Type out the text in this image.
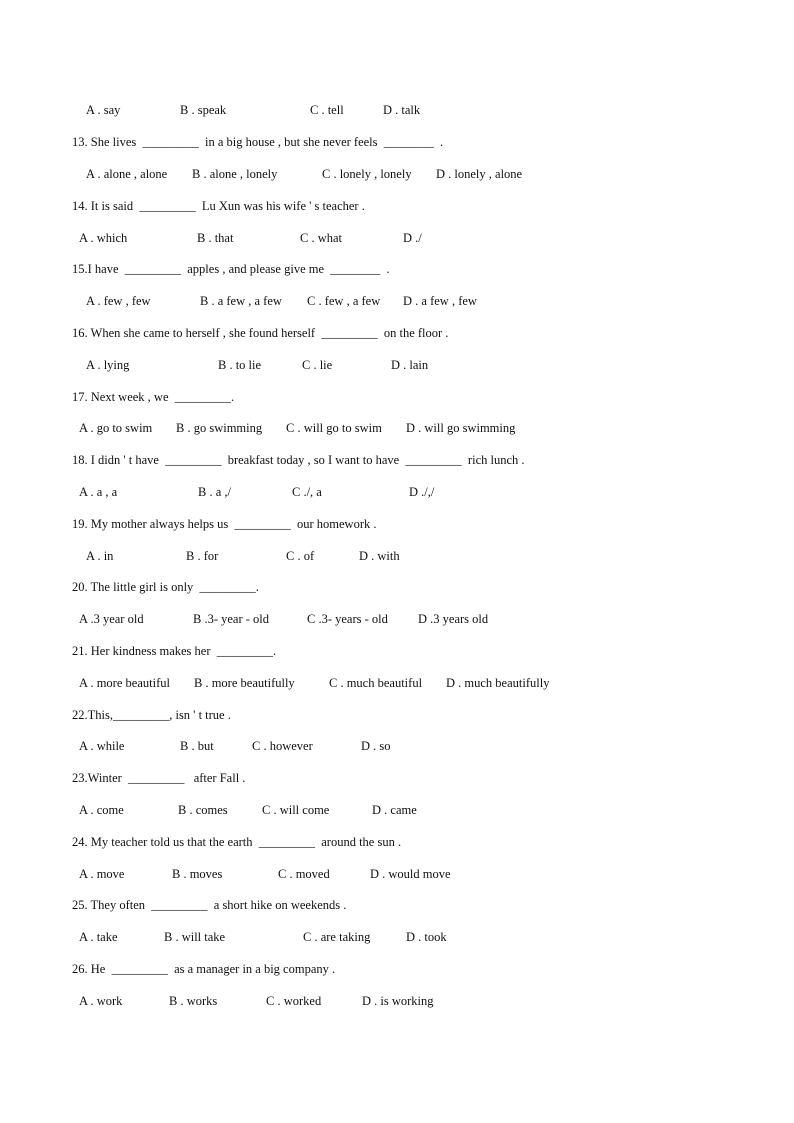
A . say	B . speak	C . tell	D . talk
13. She lives  _________  in a big house , but she never feels  ________  .
A . alone , alone B . alone , lonely	C . lonely , lonely D . lonely , alone
14. It is said  _________  Lu Xun was his wife ' s teacher .
A . which	B . that	C . what	D ./
15.I have  _________  apples , and please give me  ________  .
A . few , few	B . a few , a few C . few , a few D . a few , few
16. When she came to herself , she found herself  _________  on the floor .
A . lying	B . to lie	C . lie	D . lain
17. Next week , we  _________.
A . go to swim B . go swimming C . will go to swim D . will go swimming
18. I didn ' t have  _________  breakfast today , so I want to have  _________  rich lunch .
A . a , a	B . a ,/	C ./, a	D ./,/
19. My mother always helps us  _________  our homework .
A . in	B . for	C . of	D . with
20. The little girl is only  _________.
A .3 year old	B .3- year - old	C .3- years - old D .3 years old
21. Her kindness makes her  _________.
A . more beautiful B . more beautifully	C . much beautiful D . much beautifully
22.This,_________, isn ' t true .
A . while	B . but	C . however	D . so
23.Winter  _________   after Fall .
A . come	B . comes	C . will come	D . came
24. My teacher told us that the earth  _________  around the sun .
A . move	B . moves	C . moved	D . would move
25. They often  _________  a short hike on weekends .
A . take	B . will take	C . are taking	D . took
26. He  _________  as a manager in a big company .
A . work	B . works	C . worked	D . is working
